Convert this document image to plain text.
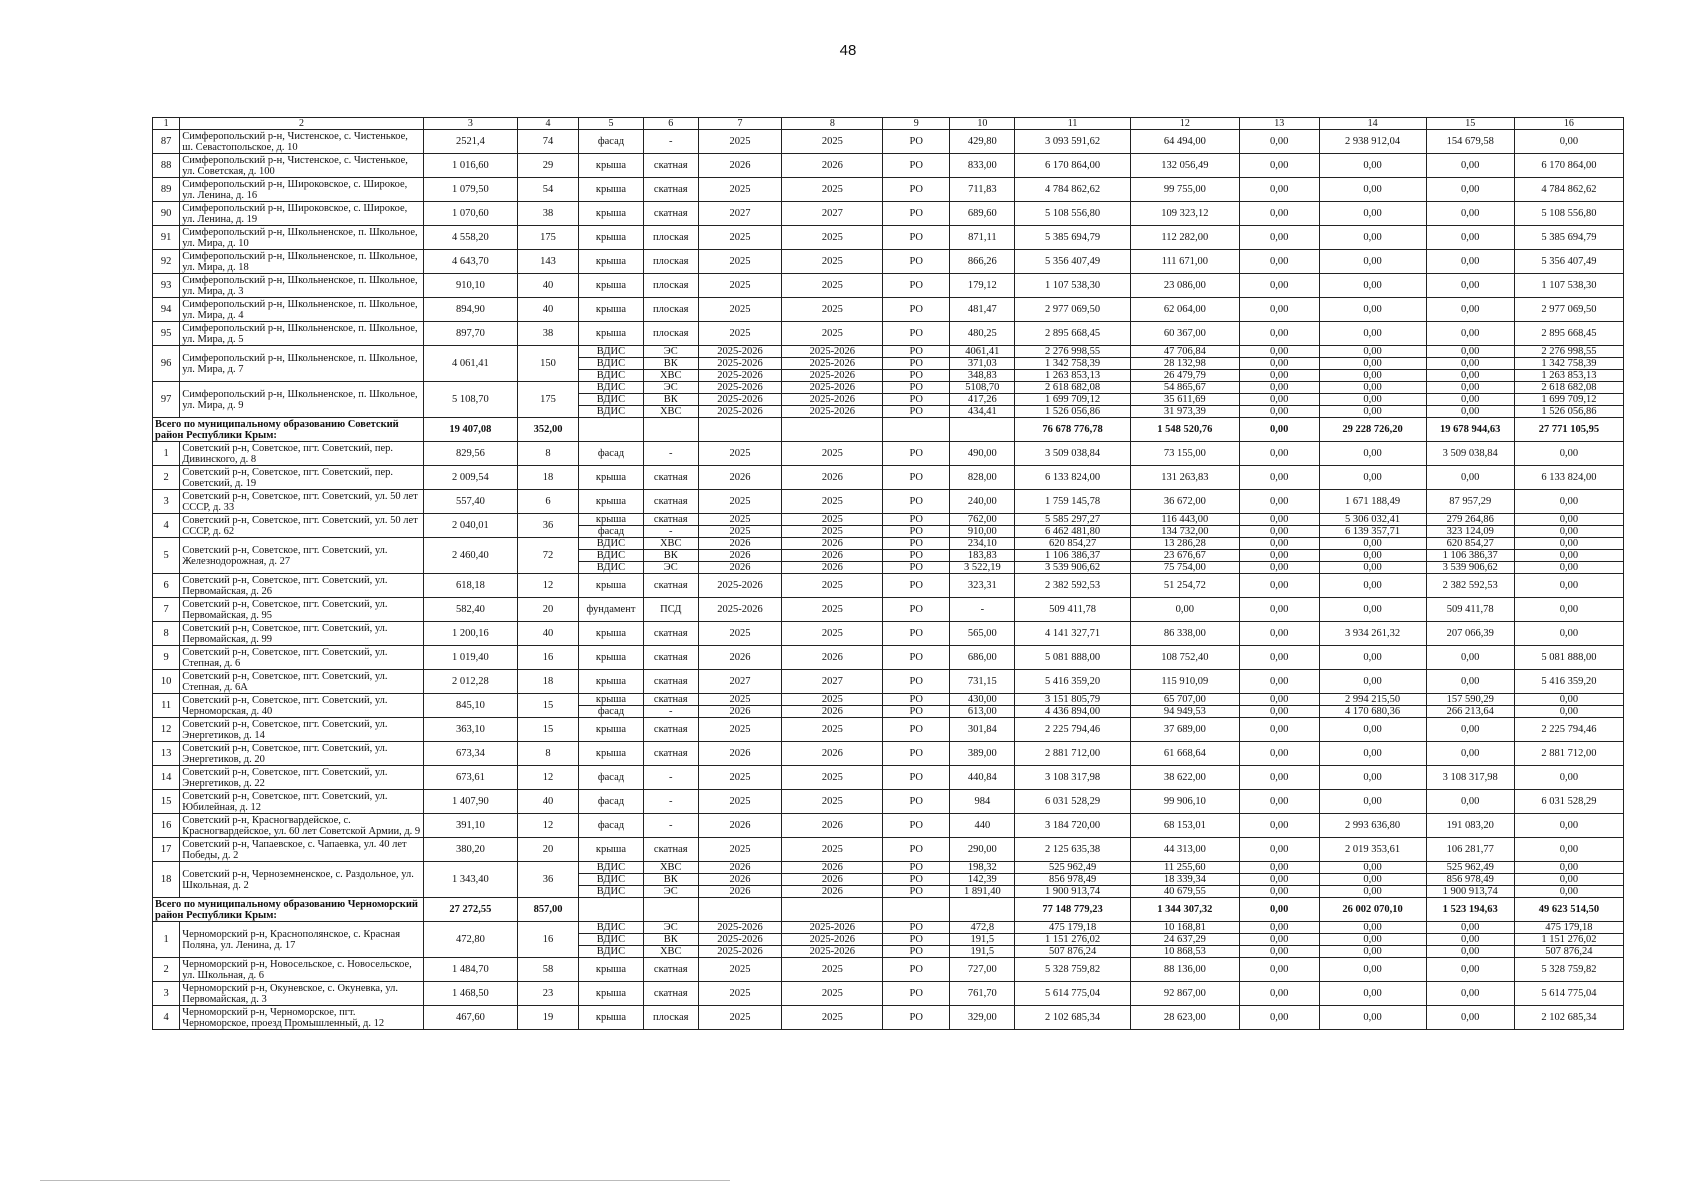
48
1	2	3	4	5	6	7	8	9	10	11	12	13	14	15	16
87	Симферопольский р-н, Чистенское, с. Чистенькое, ш. Севастопольское, д. 10	2521,4	74	фасад	-	2025	2025	РО	429,80	3 093 591,62	64 494,00	0,00	2 938 912,04	154 679,58	0,00
88	Симферопольский р-н, Чистенское, с. Чистенькое, ул. Советская, д. 100	1 016,60	29	крыша	скатная	2026	2026	РО	833,00	6 170 864,00	132 056,49	0,00	0,00	0,00	6 170 864,00
89	Симферопольский р-н, Широковское, с. Широкое, ул. Ленина, д. 16	1 079,50	54	крыша	скатная	2025	2025	РО	711,83	4 784 862,62	99 755,00	0,00	0,00	0,00	4 784 862,62
90	Симферопольский р-н, Широковское, с. Широкое, ул. Ленина, д. 19	1 070,60	38	крыша	скатная	2027	2027	РО	689,60	5 108 556,80	109 323,12	0,00	0,00	0,00	5 108 556,80
91	Симферопольский р-н, Школьненское, п. Школьное, ул. Мира, д. 10	4 558,20	175	крыша	плоская	2025	2025	РО	871,11	5 385 694,79	112 282,00	0,00	0,00	0,00	5 385 694,79
92	Симферопольский р-н, Школьненское, п. Школьное, ул. Мира, д. 18	4 643,70	143	крыша	плоская	2025	2025	РО	866,26	5 356 407,49	111 671,00	0,00	0,00	0,00	5 356 407,49
93	Симферопольский р-н, Школьненское, п. Школьное, ул. Мира, д. 3	910,10	40	крыша	плоская	2025	2025	РО	179,12	1 107 538,30	23 086,00	0,00	0,00	0,00	1 107 538,30
94	Симферопольский р-н, Школьненское, п. Школьное, ул. Мира, д. 4	894,90	40	крыша	плоская	2025	2025	РО	481,47	2 977 069,50	62 064,00	0,00	0,00	0,00	2 977 069,50
95	Симферопольский р-н, Школьненское, п. Школьное, ул. Мира, д. 5	897,70	38	крыша	плоская	2025	2025	РО	480,25	2 895 668,45	60 367,00	0,00	0,00	0,00	2 895 668,45
96	Симферопольский р-н, Школьненское, п. Школьное, ул. Мира, д. 7	4 061,41	150	ВДИС	ЭС	2025-2026	2025-2026	РО	4061,41	2 276 998,55	47 706,84	0,00	0,00	0,00	2 276 998,55
				ВДИС	ВК	2025-2026	2025-2026	РО	371,03	1 342 758,39	28 132,98	0,00	0,00	0,00	1 342 758,39
				ВДИС	ХВС	2025-2026	2025-2026	РО	348,83	1 263 853,13	26 479,79	0,00	0,00	0,00	1 263 853,13
97	Симферопольский р-н, Школьненское, п. Школьное, ул. Мира, д. 9	5 108,70	175	ВДИС	ЭС	2025-2026	2025-2026	РО	5108,70	2 618 682,08	54 865,67	0,00	0,00	0,00	2 618 682,08
				ВДИС	ВК	2025-2026	2025-2026	РО	417,26	1 699 709,12	35 611,69	0,00	0,00	0,00	1 699 709,12
				ВДИС	ХВС	2025-2026	2025-2026	РО	434,41	1 526 056,86	31 973,39	0,00	0,00	0,00	1 526 056,86
Всего по муниципальному образованию Советский район Республики Крым:		19 407,08	352,00							76 678 776,78	1 548 520,76	0,00	29 228 726,20	19 678 944,63	27 771 105,95
1	Советский р-н, Советское, пгт. Советский, пер. Дивинского, д. 8	829,56	8	фасад	-	2025	2025	РО	490,00	3 509 038,84	73 155,00	0,00	0,00	3 509 038,84	0,00
2	Советский р-н, Советское, пгт. Советский, пер. Советский, д. 19	2 009,54	18	крыша	скатная	2026	2026	РО	828,00	6 133 824,00	131 263,83	0,00	0,00	0,00	6 133 824,00
3	Советский р-н, Советское, пгт. Советский, ул. 50 лет СССР, д. 33	557,40	6	крыша	скатная	2025	2025	РО	240,00	1 759 145,78	36 672,00	0,00	1 671 188,49	87 957,29	0,00
4	Советский р-н, Советское, пгт. Советский, ул. 50 лет СССР, д. 62	2 040,01	36	крыша	скатная	2025	2025	РО	762,00	5 585 297,27	116 443,00	0,00	5 306 032,41	279 264,86	0,00
				фасад	-	2025	2025	РО	910,00	6 462 481,80	134 732,00	0,00	6 139 357,71	323 124,09	0,00
5	Советский р-н, Советское, пгт. Советский, ул. Железнодорожная, д. 27	2 460,40	72	ВДИС	ХВС	2026	2026	РО	234,10	620 854,27	13 286,28	0,00	0,00	620 854,27	0,00
				ВДИС	ВК	2026	2026	РО	183,83	1 106 386,37	23 676,67	0,00	0,00	1 106 386,37	0,00
				ВДИС	ЭС	2026	2026	РО	3 522,19	3 539 906,62	75 754,00	0,00	0,00	3 539 906,62	0,00
6	Советский р-н, Советское, пгт. Советский, ул. Первомайская, д. 26	618,18	12	крыша	скатная	2025-2026	2025	РО	323,31	2 382 592,53	51 254,72	0,00	0,00	2 382 592,53	0,00
7	Советский р-н, Советское, пгт. Советский, ул. Первомайская, д. 95	582,40	20	фундамент	ПСД	2025-2026	2025	РО	-	509 411,78	0,00	0,00	0,00	509 411,78	0,00
8	Советский р-н, Советское, пгт. Советский, ул. Первомайская, д. 99	1 200,16	40	крыша	скатная	2025	2025	РО	565,00	4 141 327,71	86 338,00	0,00	3 934 261,32	207 066,39	0,00
9	Советский р-н, Советское, пгт. Советский, ул. Степная, д. 6	1 019,40	16	крыша	скатная	2026	2026	РО	686,00	5 081 888,00	108 752,40	0,00	0,00	0,00	5 081 888,00
10	Советский р-н, Советское, пгт. Советский, ул. Степная, д. 6А	2 012,28	18	крыша	скатная	2027	2027	РО	731,15	5 416 359,20	115 910,09	0,00	0,00	0,00	5 416 359,20
11	Советский р-н, Советское, пгт. Советский, ул. Черноморская, д. 40	845,10	15	крыша	скатная	2025	2025	РО	430,00	3 151 805,79	65 707,00	0,00	2 994 215,50	157 590,29	0,00
				фасад	-	2026	2026	РО	613,00	4 436 894,00	94 949,53	0,00	4 170 680,36	266 213,64	0,00
12	Советский р-н, Советское, пгт. Советский, ул. Энергетиков, д. 14	363,10	15	крыша	скатная	2025	2025	РО	301,84	2 225 794,46	37 689,00	0,00	0,00	0,00	2 225 794,46
13	Советский р-н, Советское, пгт. Советский, ул. Энергетиков, д. 20	673,34	8	крыша	скатная	2026	2026	РО	389,00	2 881 712,00	61 668,64	0,00	0,00	0,00	2 881 712,00
14	Советский р-н, Советское, пгт. Советский, ул. Энергетиков, д. 22	673,61	12	фасад	-	2025	2025	РО	440,84	3 108 317,98	38 622,00	0,00	0,00	3 108 317,98	0,00
15	Советский р-н, Советское, пгт. Советский, ул. Юбилейная, д. 12	1 407,90	40	фасад	-	2025	2025	РО	984	6 031 528,29	99 906,10	0,00	0,00	0,00	6 031 528,29
16	Советский р-н, Красногвардейское, с. Красногвардейское, ул. 60 лет Советской Армии, д. 9	391,10	12	фасад	-	2026	2026	РО	440	3 184 720,00	68 153,01	0,00	2 993 636,80	191 083,20	0,00
17	Советский р-н, Чапаевское, с. Чапаевка, ул. 40 лет Победы, д. 2	380,20	20	крыша	скатная	2025	2025	РО	290,00	2 125 635,38	44 313,00	0,00	2 019 353,61	106 281,77	0,00
18	Советский р-н, Черноземненское, с. Раздольное, ул. Школьная, д. 2	1 343,40	36	ВДИС	ХВС	2026	2026	РО	198,32	525 962,49	11 255,60	0,00	0,00	525 962,49	0,00
				ВДИС	ВК	2026	2026	РО	142,39	856 978,49	18 339,34	0,00	0,00	856 978,49	0,00
				ВДИС	ЭС	2026	2026	РО	1 891,40	1 900 913,74	40 679,55	0,00	0,00	1 900 913,74	0,00
Всего по муниципальному образованию Черноморский район Республики Крым:		27 272,55	857,00							77 148 779,23	1 344 307,32	0,00	26 002 070,10	1 523 194,63	49 623 514,50
1	Черноморский р-н, Краснополянское, с. Красная Поляна, ул. Ленина, д. 17	472,80	16	ВДИС	ЭС	2025-2026	2025-2026	РО	472,8	475 179,18	10 168,81	0,00	0,00	0,00	475 179,18
				ВДИС	ВК	2025-2026	2025-2026	РО	191,5	1 151 276,02	24 637,29	0,00	0,00	0,00	1 151 276,02
				ВДИС	ХВС	2025-2026	2025-2026	РО	191,5	507 876,24	10 868,53	0,00	0,00	0,00	507 876,24
2	Черноморский р-н, Новосельское, с. Новосельское, ул. Школьная, д. 6	1 484,70	58	крыша	скатная	2025	2025	РО	727,00	5 328 759,82	88 136,00	0,00	0,00	0,00	5 328 759,82
3	Черноморский р-н, Окуневское, с. Окуневка, ул. Первомайская, д. 3	1 468,50	23	крыша	скатная	2025	2025	РО	761,70	5 614 775,04	92 867,00	0,00	0,00	0,00	5 614 775,04
4	Черноморский р-н, Черноморское, пгт. Черноморское, проезд Промышленный, д. 12	467,60	19	крыша	плоская	2025	2025	РО	329,00	2 102 685,34	28 623,00	0,00	0,00	0,00	2 102 685,34
